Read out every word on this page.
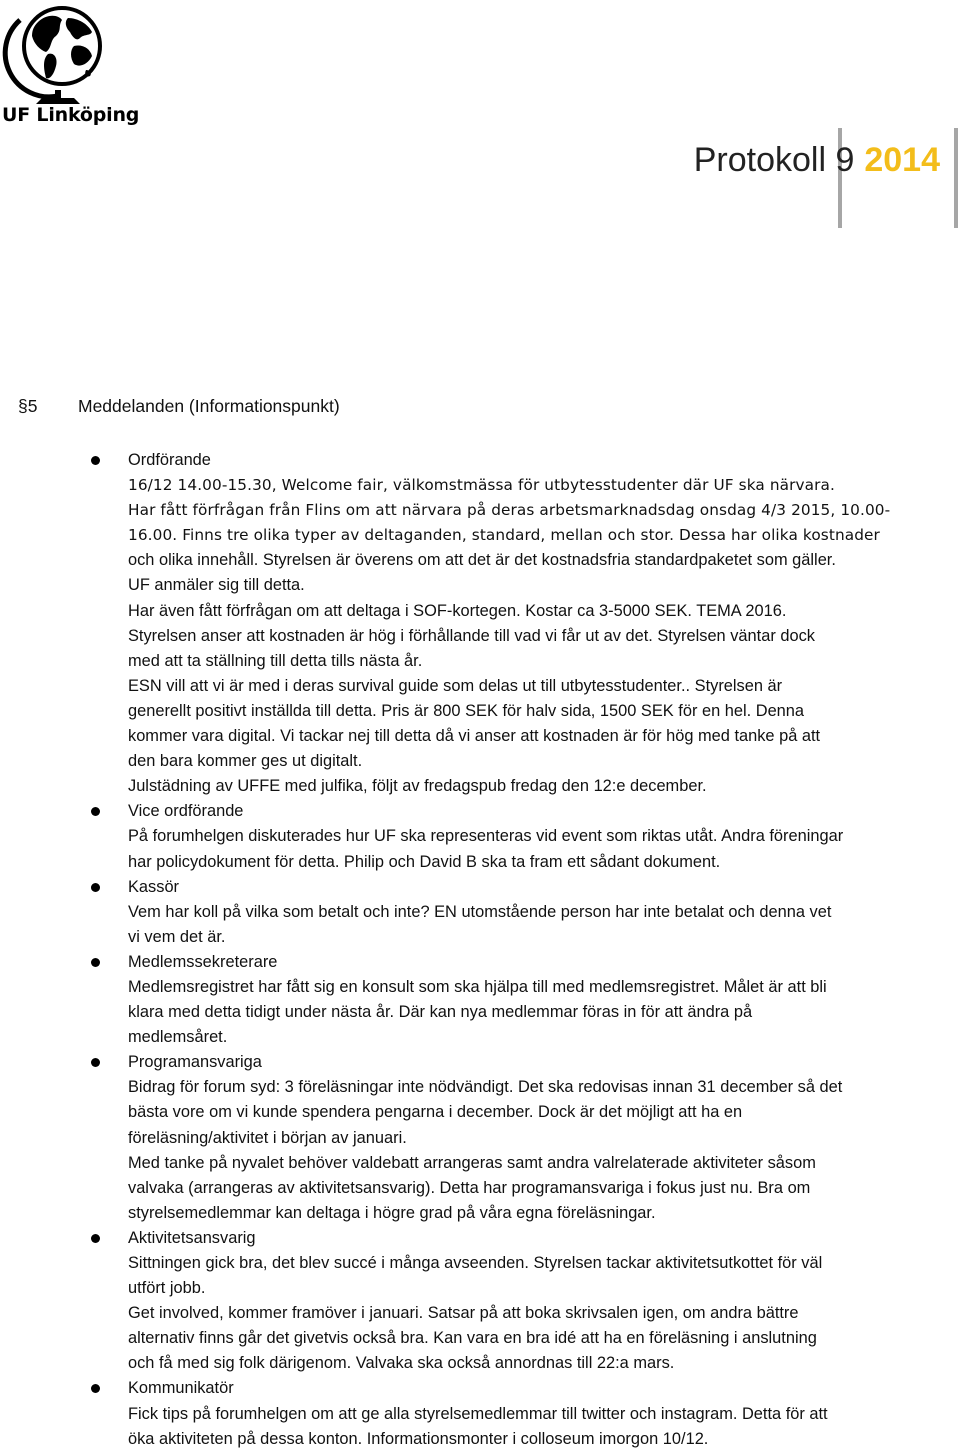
UF Linköping
Protokoll 9 2014
§5 Meddelanden (Informationspunkt)
Ordförande
16/12 14.00-15.30, Welcome fair, välkomstmässa för utbytesstudenter där UF ska närvara.
Har fått förfrågan från Flins om att närvara på deras arbetsmarknadsdag onsdag 4/3 2015, 10.00-
16.00. Finns tre olika typer av deltaganden, standard, mellan och stor. Dessa har olika kostnader
och olika innehåll. Styrelsen är överens om att det är det kostnadsfria standardpaketet som gäller.
UF anmäler sig till detta.
Har även fått förfrågan om att deltaga i SOF-kortegen. Kostar ca 3-5000 SEK. TEMA 2016.
Styrelsen anser att kostnaden är hög i förhållande till vad vi får ut av det. Styrelsen väntar dock
med att ta ställning till detta tills nästa år.
ESN vill att vi är med i deras survival guide som delas ut till utbytesstudenter.. Styrelsen är
generellt positivt inställda till detta. Pris är 800 SEK för halv sida, 1500 SEK för en hel. Denna
kommer vara digital. Vi tackar nej till detta då vi anser att kostnaden är för hög med tanke på att
den bara kommer ges ut digitalt.
Julstädning av UFFE med julfika, följt av fredagspub fredag den 12:e december.
Vice ordförande
På forumhelgen diskuterades hur UF ska representeras vid event som riktas utåt. Andra föreningar
har policydokument för detta. Philip och David B ska ta fram ett sådant dokument.
Kassör
Vem har koll på vilka som betalt och inte? EN utomstående person har inte betalat och denna vet
vi vem det är.
Medlemssekreterare
Medlemsregistret har fått sig en konsult som ska hjälpa till med medlemsregistret. Målet är att bli
klara med detta tidigt under nästa år. Där kan nya medlemmar föras in för att ändra på
medlemsåret.
Programansvariga
Bidrag för forum syd: 3 föreläsningar inte nödvändigt. Det ska redovisas innan 31 december så det
bästa vore om vi kunde spendera pengarna i december. Dock är det möjligt att ha en
föreläsning/aktivitet i början av januari.
Med tanke på nyvalet behöver valdebatt arrangeras samt andra valrelaterade aktiviteter såsom
valvaka (arrangeras av aktivitetsansvarig). Detta har programansvariga i fokus just nu. Bra om
styrelsemedlemmar kan deltaga i högre grad på våra egna föreläsningar.
Aktivitetsansvarig
Sittningen gick bra, det blev succé i många avseenden. Styrelsen tackar aktivitetsutkottet för väl
utfört jobb.
Get involved, kommer framöver i januari. Satsar på att boka skrivsalen igen, om andra bättre
alternativ finns går det givetvis också bra. Kan vara en bra idé att ha en föreläsning i anslutning
och få med sig folk därigenom. Valvaka ska också annordnas till 22:a mars.
Kommunikatör
Fick tips på forumhelgen om att ge alla styrelsemedlemmar till twitter och instagram. Detta för att
öka aktiviteten på dessa konton. Informationsmonter i colloseum imorgon 10/12.
